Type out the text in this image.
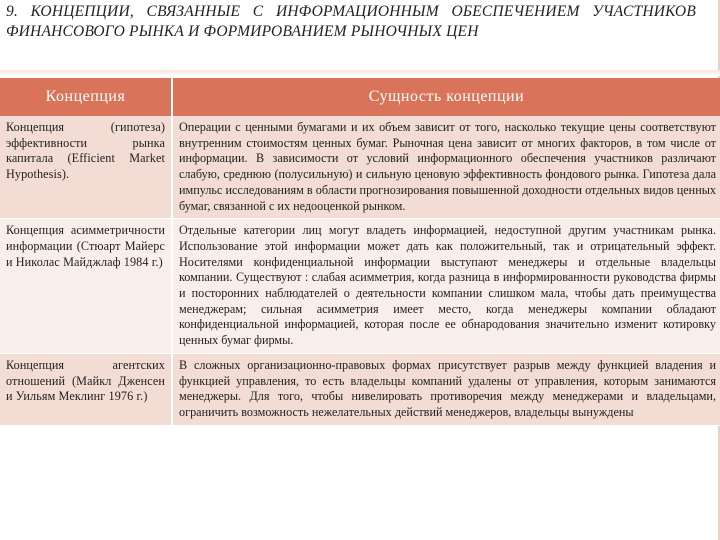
9. КОНЦЕПЦИИ, СВЯЗАННЫЕ С ИНФОРМАЦИОННЫМ ОБЕСПЕЧЕНИЕМ УЧАСТНИКОВ ФИНАНСОВОГО РЫНКА И ФОРМИРОВАНИЕМ РЫНОЧНЫХ ЦЕН
Концепция	Сущность концепции
Концепция (гипотеза) эффективности рынка капитала (Efficient Market Hypothesis).	Операции с ценными бумагами и их объем зависит от того, насколько текущие цены соответствуют внутренним стоимостям ценных бумаг. Рыночная цена зависит от многих факторов, в том числе от информации. В зависимости от условий информационного обеспечения участников различают слабую, среднюю (полусильную) и сильную ценовую эффективность фондового рынка. Гипотеза дала импульс исследованиям в области прогнозирования повышенной доходности отдельных видов ценных бумаг, связанной с их недооценкой рынком.
Концепция асимметричности информации (Стюарт Майерс и Николас Майджлаф 1984 г.)	Отдельные категории лиц могут владеть информацией, недоступной другим участникам рынка. Использование этой информации может дать как положительный, так и отрицательный эффект. Носителями конфиденциальной информации выступают менеджеры и отдельные владельцы компании. Существуют : слабая асимметрия, когда разница в информированности руководства фирмы и посторонних наблюдателей о деятельности компании слишком мала, чтобы дать преимущества менеджерам; сильная асимметрия имеет место, когда менеджеры компании обладают конфиденциальной информацией, которая после ее обнародования значительно изменит котировку ценных бумаг фирмы.
Концепция агентских отношений (Майкл Дженсен и Уильям Меклинг 1976 г.)	В сложных организационно-правовых формах присутствует разрыв между функцией владения и функцией управления, то есть владельцы компаний удалены от управления, которым занимаются менеджеры. Для того, чтобы нивелировать противоречия между менеджерами и владельцами, ограничить возможность нежелательных действий менеджеров, владельцы вынуждены
